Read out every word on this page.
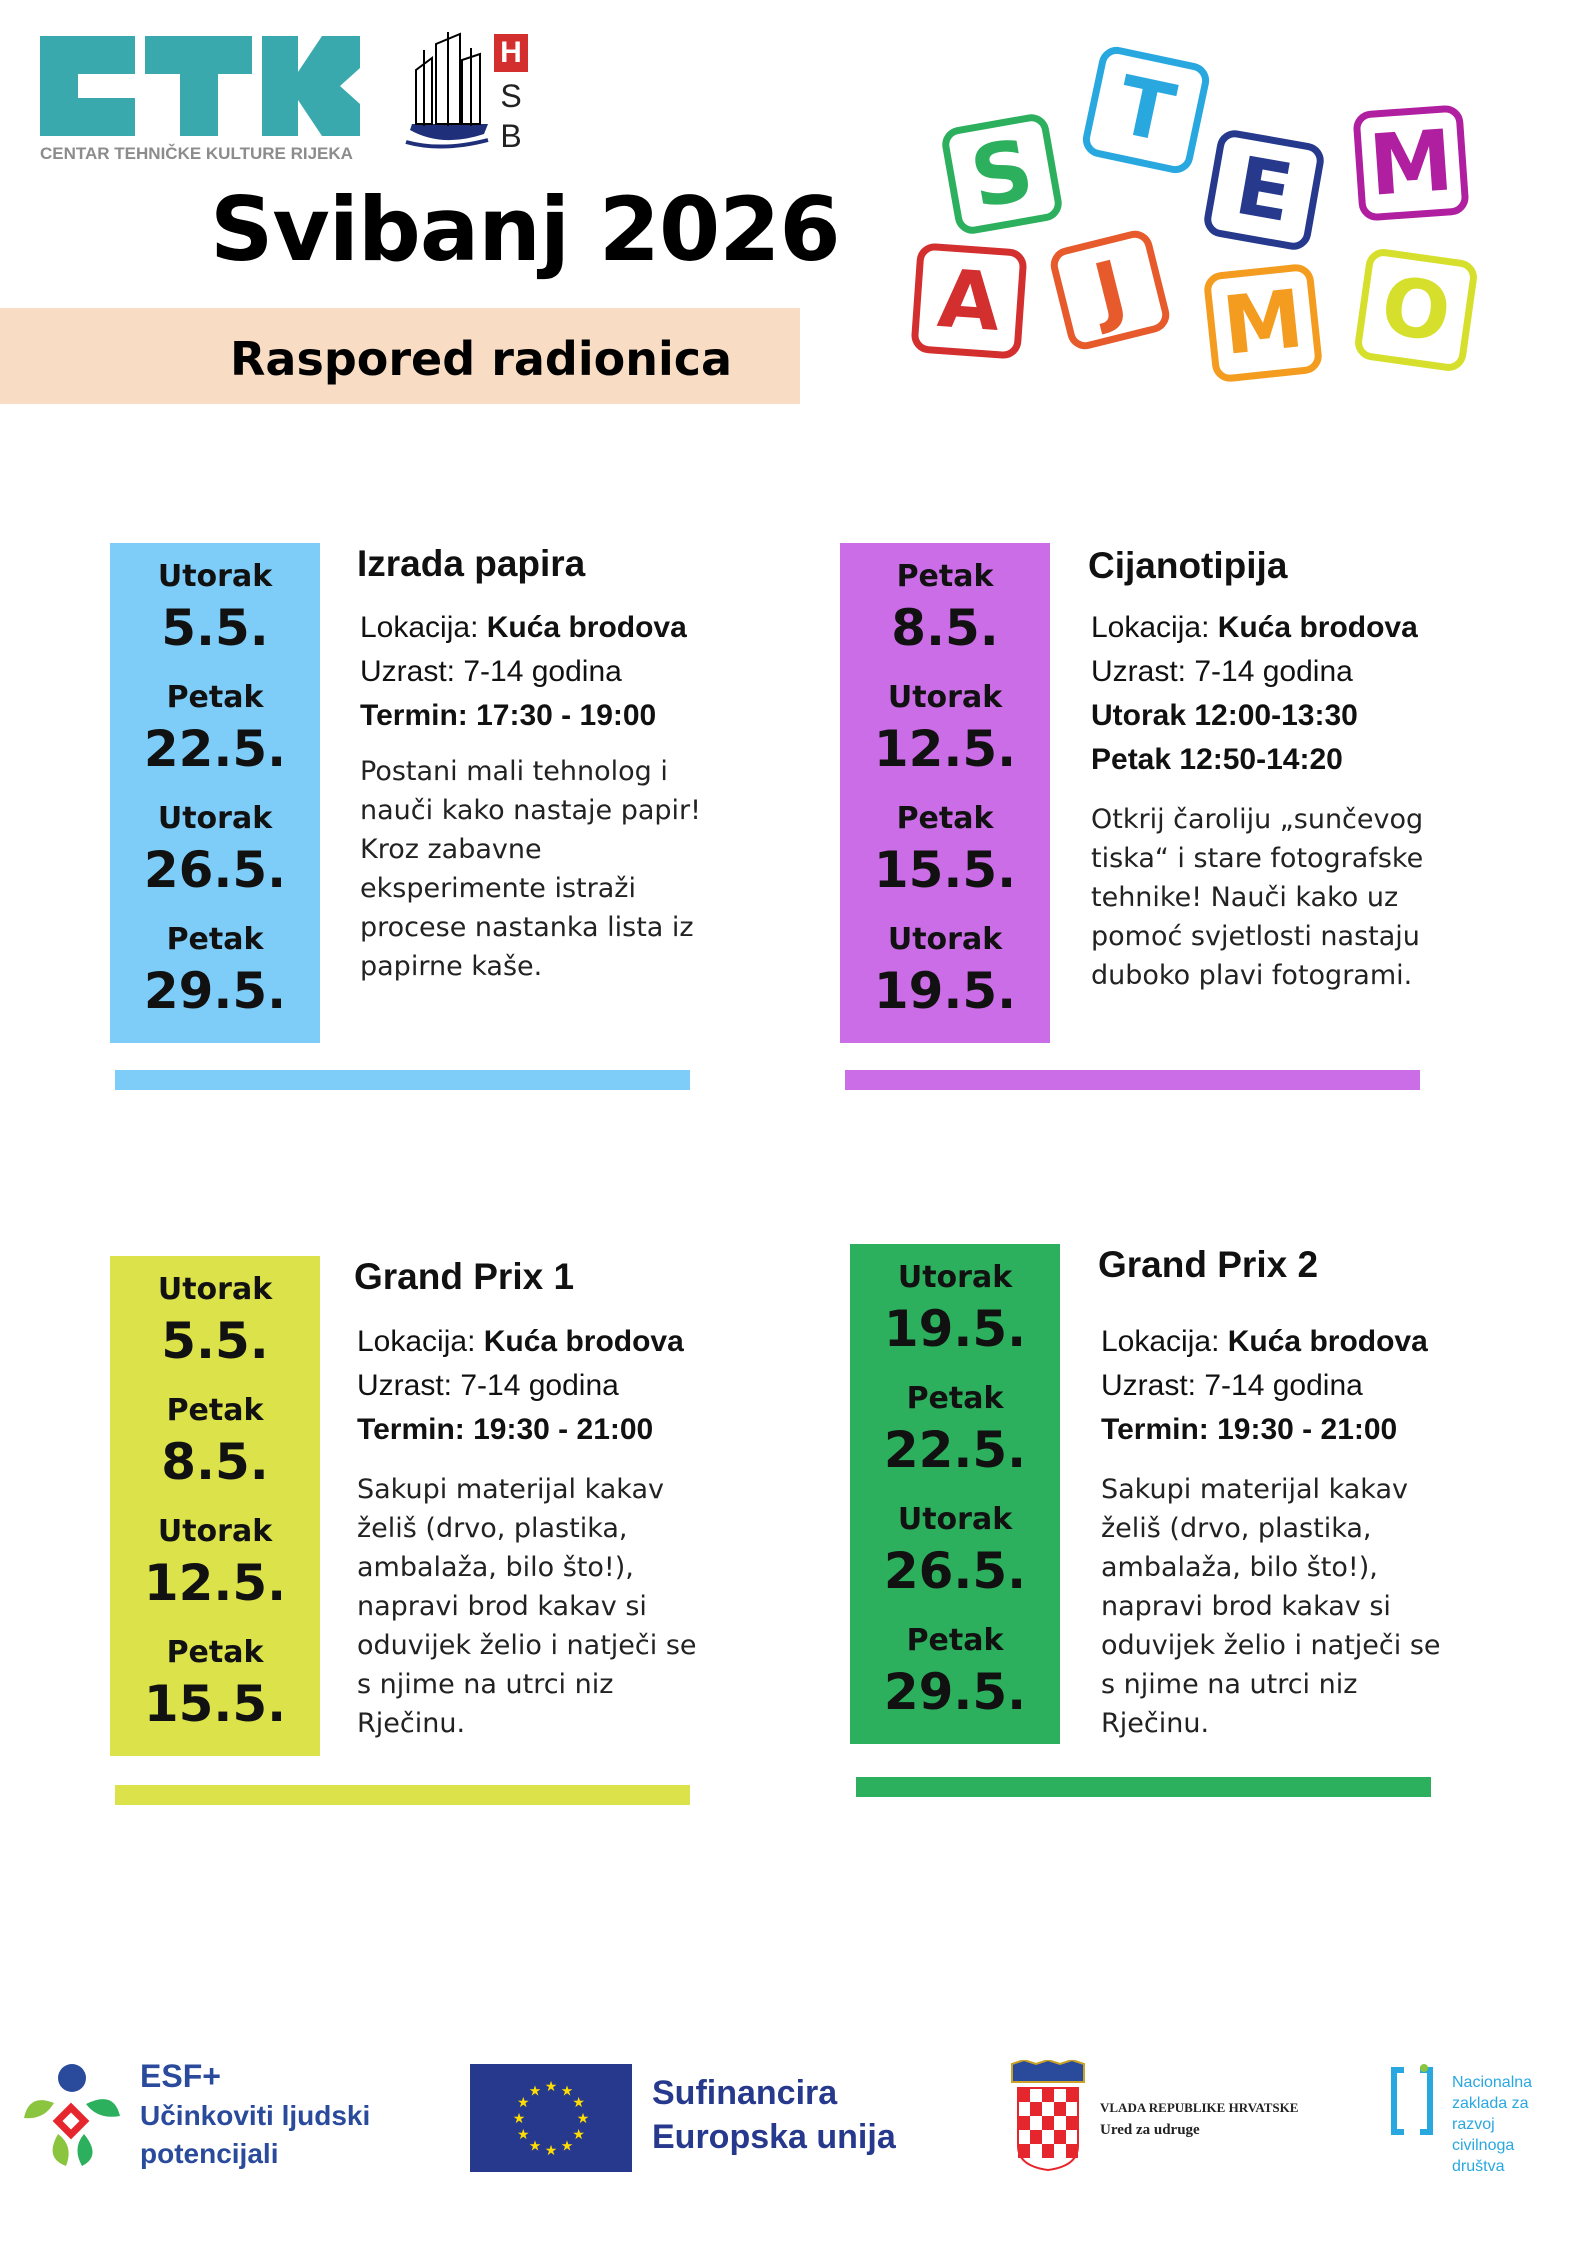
CENTAR TEHNIČKE KULTURE RIJEKA
H
S
B
Svibanj 2026
Raspored radionica
S
T
E M
A	J	M O
Utorak
5.5.
Petak
22.5.
Utorak
26.5.
Petak
29.5.
Izrada papira
Lokacija: Kuća brodova
Uzrast: 7-14 godina
Termin: 17:30 - 19:00
Postani mali tehnolog i
nauči kako nastaje papir!
Kroz zabavne
eksperimente istraži
procese nastanka lista iz
papirne kaše.
Petak
8.5.
Utorak
12.5.
Petak
15.5.
Utorak
19.5.
Cijanotipija
Lokacija: Kuća brodova
Uzrast: 7-14 godina
Utorak 12:00-13:30
Petak 12:50-14:20
Otkrij čaroliju „sunčevog
tiska“ i stare fotografske
tehnike! Nauči kako uz
pomoć svjetlosti nastaju
duboko plavi fotogrami.
Utorak
5.5.
Petak
8.5.
Utorak
12.5.
Petak
15.5.
Grand Prix 1
Lokacija: Kuća brodova
Uzrast: 7-14 godina
Termin: 19:30 - 21:00
Sakupi materijal kakav
želiš (drvo, plastika,
ambalaža, bilo što!),
napravi brod kakav si
oduvijek želio i natječi se
s njime na utrci niz
Rječinu.
Utorak
19.5.
Petak
22.5.
Utorak
26.5.
Petak
29.5.
Grand Prix 2
Lokacija: Kuća brodova
Uzrast: 7-14 godina
Termin: 19:30 - 21:00
Sakupi materijal kakav
želiš (drvo, plastika,
ambalaža, bilo što!),
napravi brod kakav si
oduvijek želio i natječi se
s njime na utrci niz
Rječinu.
ESF+
Učinkoviti ljudski
potencijali
★ ★
★
★
★
★
★
★
★
★
★
★	Sufinancira
Europska unija
VLADA REPUBLIKE HRVATSKE
Ured za udruge
Nacionalna
zaklada za
razvoj
civilnoga
društva
